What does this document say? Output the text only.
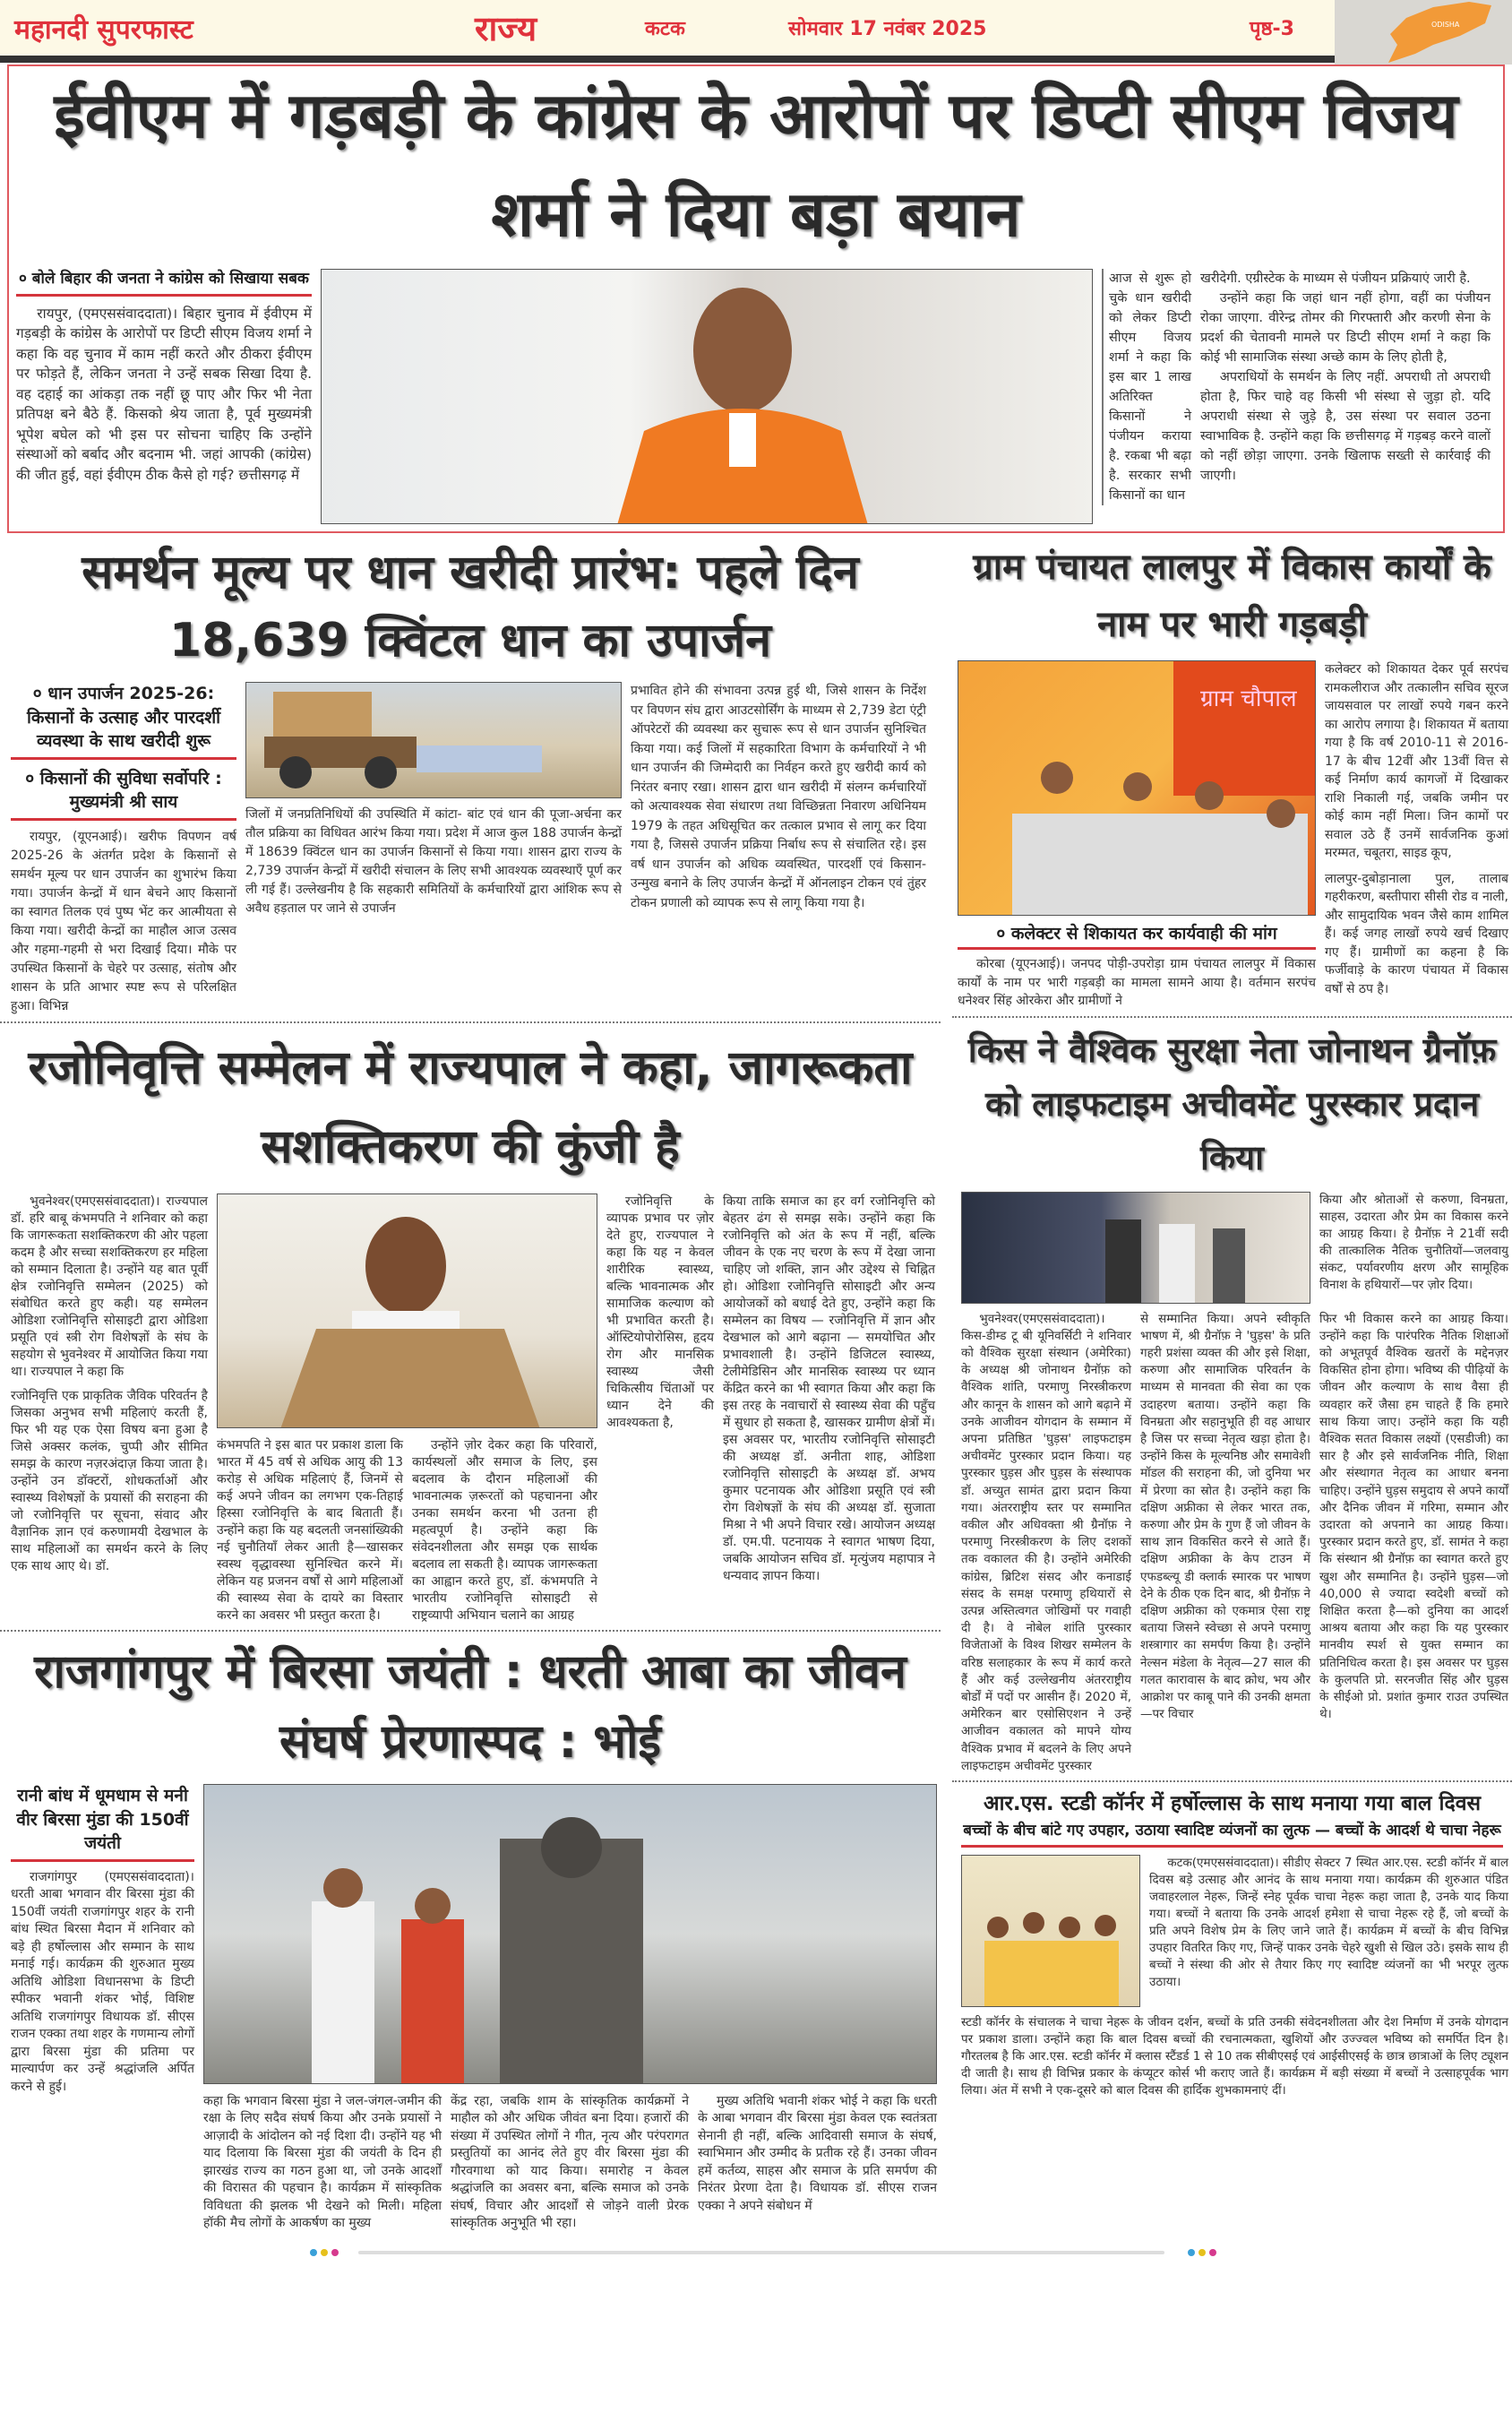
महानदी सुपरफास्ट	राज्य	कटक	सोमवार 17 नवंबर 2025	पृष्ठ-3	ODISHA
ईवीएम में गड़बड़ी के कांग्रेस के आरोपों पर डिप्टी सीएम विजय शर्मा ने दिया बड़ा बयान
० बोले बिहार की जनता ने कांग्रेस को सिखाया सबक

रायपुर, (एमएससंवाददाता)। बिहार चुनाव में ईवीएम में गड़बड़ी के कांग्रेस के आरोपों पर डिप्टी सीएम विजय शर्मा ने कहा कि वह चुनाव में काम नहीं करते और ठीकरा ईवीएम पर फोड़ते हैं, लेकिन जनता ने उन्हें सबक सिखा दिया है. वह दहाई का आंकड़ा तक नहीं छू पाए और फिर भी नेता प्रतिपक्ष बने बैठे हैं. किसको श्रेय जाता है, पूर्व मुख्यमंत्री भूपेश बघेल को भी इस पर सोचना चाहिए कि उन्होंने संस्थाओं को बर्बाद और बदनाम भी. जहां आपकी (कांग्रेस) की जीत हुई, वहां ईवीएम ठीक कैसे हो गई? छत्तीसगढ़ में

आज से शुरू हो चुके धान खरीदी को लेकर डिप्टी सीएम विजय शर्मा ने कहा कि इस बार 1 लाख अतिरिक्त किसानों ने पंजीयन कराया है. रकबा भी बढ़ा है. सरकार सभी किसानों का धान

खरीदेगी. एग्रीस्टेक के माध्यम से पंजीयन प्रक्रियाएं जारी है.

उन्होंने कहा कि जहां धान नहीं होगा, वहीं का पंजीयन रोका जाएगा. वीरेन्द्र तोमर की गिरफ्तारी और करणी सेना के प्रदर्श की चेतावनी मामले पर डिप्टी सीएम शर्मा ने कहा कि कोई भी सामाजिक संस्था अच्छे काम के लिए होती है,

अपराधियों के समर्थन के लिए नहीं. अपराधी तो अपराधी होता है, फिर चाहे वह किसी भी संस्था से जुड़ा हो. यदि अपराधी संस्था से जुड़े है, उस संस्था पर सवाल उठना स्वाभाविक है. उन्होंने कहा कि छत्तीसगढ़ में गड़बड़ करने वालों को नहीं छोड़ा जाएगा. उनके खिलाफ सख्ती से कार्रवाई की जाएगी।

समर्थन मूल्य पर धान खरीदी प्रारंभ: पहले दिन 18,639 क्विंटल धान का उपार्जन
० धान उपार्जन 2025-26: किसानों के उत्साह और पारदर्शी व्यवस्था के साथ खरीदी शुरू
० किसानों की सुविधा सर्वोपरि : मुख्यमंत्री श्री साय

रायपुर, (यूएनआई)। खरीफ विपणन वर्ष 2025-26 के अंतर्गत प्रदेश के किसानों से समर्थन मूल्य पर धान उपार्जन का शुभारंभ किया गया। उपार्जन केन्द्रों में धान बेचने आए किसानों का स्वागत तिलक एवं पुष्प भेंट कर आत्मीयता से किया गया। खरीदी केन्द्रों का माहौल आज उत्सव और गहमा-गहमी से भरा दिखाई दिया। मौके पर उपस्थित किसानों के चेहरे पर उत्साह, संतोष और शासन के प्रति आभार स्पष्ट रूप से परिलक्षित हुआ। विभिन्न

जिलों में जनप्रतिनिधियों की उपस्थिति में कांटा- बांट एवं धान की पूजा-अर्चना कर तौल प्रक्रिया का विधिवत आरंभ किया गया। प्रदेश में आज कुल 188 उपार्जन केन्द्रों में 18639 क्विंटल धान का उपार्जन किसानों से किया गया। शासन द्वारा राज्य के 2,739 उपार्जन केन्द्रों में खरीदी संचालन के लिए सभी आवश्यक व्यवस्थाएँ पूर्ण कर ली गई हैं। उल्लेखनीय है कि सहकारी समितियों के कर्मचारियों द्वारा आंशिक रूप से अवैध हड़ताल पर जाने से उपार्जन

प्रभावित होने की संभावना उत्पन्न हुई थी, जिसे शासन के निर्देश पर विपणन संघ द्वारा आउटसोर्सिंग के माध्यम से 2,739 डेटा एंट्री ऑपरेटरों की व्यवस्था कर सुचारू रूप से धान उपार्जन सुनिश्चित किया गया। कई जिलों में सहकारिता विभाग के कर्मचारियों ने भी धान उपार्जन की जिम्मेदारी का निर्वहन करते हुए खरीदी कार्य को निरंतर बनाए रखा। शासन द्वारा धान खरीदी में संलग्न कर्मचारियों को अत्यावश्यक सेवा संधारण तथा विच्छिन्नता निवारण अधिनियम 1979 के तहत अधिसूचित कर तत्काल प्रभाव से लागू कर दिया गया है, जिससे उपार्जन प्रक्रिया निर्बाध रूप से संचालित रहे। इस वर्ष धान उपार्जन को अधिक व्यवस्थित, पारदर्शी एवं किसान-उन्मुख बनाने के लिए उपार्जन केन्द्रों में ऑनलाइन टोकन एवं तुंहर टोकन प्रणाली को व्यापक रूप से लागू किया गया है।

रजोनिवृत्ति सम्मेलन में राज्यपाल ने कहा, जागरूकता सशक्तिकरण की कुंजी है

भुवनेश्वर(एमएससंवाददाता)। राज्यपाल डॉ. हरि बाबू कंभमपति ने शनिवार को कहा कि जागरूकता सशक्तिकरण की ओर पहला कदम है और सच्चा सशक्तिकरण हर महिला को सम्मान दिलाता है। उन्होंने यह बात पूर्वी क्षेत्र रजोनिवृत्ति सम्मेलन (2025) को संबोधित करते हुए कही। यह सम्मेलन ओडिशा रजोनिवृत्ति सोसाइटी द्वारा ओडिशा प्रसूति एवं स्त्री रोग विशेषज्ञों के संघ के सहयोग से भुवनेश्वर में आयोजित किया गया था। राज्यपाल ने कहा कि

रजोनिवृत्ति एक प्राकृतिक जैविक परिवर्तन है जिसका अनुभव सभी महिलाएं करती हैं, फिर भी यह एक ऐसा विषय बना हुआ है जिसे अक्सर कलंक, चुप्पी और सीमित समझ के कारण नज़रअंदाज़ किया जाता है। उन्होंने उन डॉक्टरों, शोधकर्ताओं और स्वास्थ्य विशेषज्ञों के प्रयासों की सराहना की जो रजोनिवृत्ति पर सूचना, संवाद और वैज्ञानिक ज्ञान एवं करुणामयी देखभाल के साथ महिलाओं का समर्थन करने के लिए एक साथ आए थे। डॉ.

कंभमपति ने इस बात पर प्रकाश डाला कि भारत में 45 वर्ष से अधिक आयु की 13 करोड़ से अधिक महिलाएं हैं, जिनमें से कई अपने जीवन का लगभग एक-तिहाई हिस्सा रजोनिवृत्ति के बाद बिताती हैं। उन्होंने कहा कि यह बदलती जनसांख्यिकी नई चुनौतियाँ लेकर आती है—खासकर स्वस्थ वृद्धावस्था सुनिश्चित करने में। लेकिन यह प्रजनन वर्षों से आगे महिलाओं की स्वास्थ्य सेवा के दायरे का विस्तार करने का अवसर भी प्रस्तुत करता है।

उन्होंने ज़ोर देकर कहा कि परिवारों, कार्यस्थलों और समाज के लिए, इस बदलाव के दौरान महिलाओं की भावनात्मक ज़रूरतों को पहचानना और उनका समर्थन करना भी उतना ही महत्वपूर्ण है। उन्होंने कहा कि संवेदनशीलता और समझ एक सार्थक बदलाव ला सकती है। व्यापक जागरूकता का आह्वान करते हुए, डॉ. कंभमपति ने भारतीय रजोनिवृत्ति सोसाइटी से राष्ट्रव्यापी अभियान चलाने का आग्रह

रजोनिवृत्ति के व्यापक प्रभाव पर ज़ोर देते हुए, राज्यपाल ने कहा कि यह न केवल शारीरिक स्वास्थ्य, बल्कि भावनात्मक और सामाजिक कल्याण को भी प्रभावित करती है। ऑस्टियोपोरोसिस, हृदय रोग और मानसिक स्वास्थ्य जैसी चिकित्सीय चिंताओं पर ध्यान देने की आवश्यकता है,

किया ताकि समाज का हर वर्ग रजोनिवृत्ति को बेहतर ढंग से समझ सके। उन्होंने कहा कि रजोनिवृत्ति को अंत के रूप में नहीं, बल्कि जीवन के एक नए चरण के रूप में देखा जाना चाहिए जो शक्ति, ज्ञान और उद्देश्य से चिह्नित हो। ओडिशा रजोनिवृत्ति सोसाइटी और अन्य आयोजकों को बधाई देते हुए, उन्होंने कहा कि सम्मेलन का विषय — रजोनिवृत्ति में ज्ञान और देखभाल को आगे बढ़ाना — समयोचित और प्रभावशाली है। उन्होंने डिजिटल स्वास्थ्य, टेलीमेडिसिन और मानसिक स्वास्थ्य पर ध्यान केंद्रित करने का भी स्वागत किया और कहा कि इस तरह के नवाचारों से स्वास्थ्य सेवा की पहुँच में सुधार हो सकता है, खासकर ग्रामीण क्षेत्रों में। इस अवसर पर, भारतीय रजोनिवृत्ति सोसाइटी की अध्यक्ष डॉ. अनीता शाह, ओडिशा रजोनिवृत्ति सोसाइटी के अध्यक्ष डॉ. अभय कुमार पटनायक और ओडिशा प्रसूति एवं स्त्री रोग विशेषज्ञों के संघ की अध्यक्ष डॉ. सुजाता मिश्रा ने भी अपने विचार रखे। आयोजन अध्यक्ष डॉ. एम.पी. पटनायक ने स्वागत भाषण दिया, जबकि आयोजन सचिव डॉ. मृत्युंजय महापात्र ने धन्यवाद ज्ञापन किया।

राजगांगपुर में बिरसा जयंती : धरती आबा का जीवन संघर्ष प्रेरणास्पद : भोई
रानी बांध में धूमधाम से मनी वीर बिरसा मुंडा की 150वीं जयंती

राजगांगपुर (एमएससंवाददाता)। धरती आबा भगवान वीर बिरसा मुंडा की 150वीं जयंती राजगांगपुर शहर के रानी बांध स्थित बिरसा मैदान में शनिवार को बड़े ही हर्षोल्लास और सम्मान के साथ मनाई गई। कार्यक्रम की शुरुआत मुख्य अतिथि ओडिशा विधानसभा के डिप्टी स्पीकर भवानी शंकर भोई, विशिष्ट अतिथि राजगांगपुर विधायक डॉ. सीएस राजन एक्का तथा शहर के गणमान्य लोगों द्वारा बिरसा मुंडा की प्रतिमा पर माल्यार्पण कर उन्हें श्रद्धांजलि अर्पित करने से हुई।

कहा कि भगवान बिरसा मुंडा ने जल-जंगल-जमीन की रक्षा के लिए सदैव संघर्ष किया और उनके प्रयासों ने आज़ादी के आंदोलन को नई दिशा दी। उन्होंने यह भी याद दिलाया कि बिरसा मुंडा की जयंती के दिन ही झारखंड राज्य का गठन हुआ था, जो उनके आदर्शों की विरासत की पहचान है। कार्यक्रम में सांस्कृतिक विविधता की झलक भी देखने को मिली। महिला हॉकी मैच लोगों के आकर्षण का मुख्य

केंद्र रहा, जबकि शाम के सांस्कृतिक कार्यक्रमों ने माहौल को और अधिक जीवंत बना दिया। हजारों की संख्या में उपस्थित लोगों ने गीत, नृत्य और परंपरागत प्रस्तुतियों का आनंद लेते हुए वीर बिरसा मुंडा की गौरवगाथा को याद किया। समारोह न केवल श्रद्धांजलि का अवसर बना, बल्कि समाज को उनके संघर्ष, विचार और आदर्शों से जोड़ने वाली प्रेरक सांस्कृतिक अनुभूति भी रहा।

मुख्य अतिथि भवानी शंकर भोई ने कहा कि धरती के आबा भगवान वीर बिरसा मुंडा केवल एक स्वतंत्रता सेनानी ही नहीं, बल्कि आदिवासी समाज के संघर्ष, स्वाभिमान और उम्मीद के प्रतीक रहे हैं। उनका जीवन हमें कर्तव्य, साहस और समाज के प्रति समर्पण की निरंतर प्रेरणा देता है। विधायक डॉ. सीएस राजन एक्का ने अपने संबोधन में

ग्राम पंचायत लालपुर में विकास कार्यों के नाम पर भारी गड़बड़ी
ग्राम चौपाल
० कलेक्टर से शिकायत कर कार्यवाही की मांग

कोरबा (यूएनआई)। जनपद पोड़ी-उपरोड़ा ग्राम पंचायत लालपुर में विकास कार्यों के नाम पर भारी गड़बड़ी का मामला सामने आया है। वर्तमान सरपंच धनेश्वर सिंह ओरकेरा और ग्रामीणों ने

कलेक्टर को शिकायत देकर पूर्व सरपंच रामकलीराज और तत्कालीन सचिव सूरज जायसवाल पर लाखों रुपये गबन करने का आरोप लगाया है। शिकायत में बताया गया है कि वर्ष 2010-11 से 2016-17 के बीच 12वीं और 13वीं वित्त से कई निर्माण कार्य कागजों में दिखाकर राशि निकाली गई, जबकि जमीन पर कोई काम नहीं मिला। जिन कामों पर सवाल उठे हैं उनमें सार्वजनिक कुआं मरम्मत, चबूतरा, साइड कूप,

लालपुर-दुबोड़ानाला पुल, तालाब गहरीकरण, बस्तीपारा सीसी रोड व नाली, और सामुदायिक भवन जैसे काम शामिल हैं। कई जगह लाखों रुपये खर्च दिखाए गए हैं। ग्रामीणों का कहना है कि फर्जीवाड़े के कारण पंचायत में विकास वर्षों से ठप है।

किस ने वैश्विक सुरक्षा नेता जोनाथन ग्रैनॉफ़ को लाइफटाइम अचीवमेंट पुरस्कार प्रदान किया

किया और श्रोताओं से करुणा, विनम्रता, साहस, उदारता और प्रेम का विकास करने का आग्रह किया। हे ग्रैनॉफ़ ने 21वीं सदी की तात्कालिक नैतिक चुनौतियों—जलवायु संकट, पर्यावरणीय क्षरण और सामूहिक विनाश के हथियारों—पर ज़ोर दिया।

भुवनेश्वर(एमएससंवाददाता)। किस-डीम्ड टू बी यूनिवर्सिटी ने शनिवार को वैश्विक सुरक्षा संस्थान (अमेरिका) के अध्यक्ष श्री जोनाथन ग्रैनॉफ़ को वैश्विक शांति, परमाणु निरस्त्रीकरण और कानून के शासन को आगे बढ़ाने में उनके आजीवन योगदान के सम्मान में अपना प्रतिष्ठित 'घुड़स' लाइफटाइम अचीवमेंट पुरस्कार प्रदान किया। यह पुरस्कार घुड़स और घुड़स के संस्थापक डॉ. अच्युत सामंत द्वारा प्रदान किया गया। अंतरराष्ट्रीय स्तर पर सम्मानित वकील और अधिवक्ता श्री ग्रैनॉफ़ ने परमाणु निरस्त्रीकरण के लिए दशकों तक वकालत की है। उन्होंने अमेरिकी कांग्रेस, ब्रिटिश संसद और कनाडाई संसद के समक्ष परमाणु हथियारों से उत्पन्न अस्तित्वगत जोखिमों पर गवाही दी है। वे नोबेल शांति पुरस्कार विजेताओं के विश्व शिखर सम्मेलन के वरिष्ठ सलाहकार के रूप में कार्य करते हैं और कई उल्लेखनीय अंतरराष्ट्रीय बोर्डों में पदों पर आसीन हैं। 2020 में, अमेरिकन बार एसोसिएशन ने उन्हें आजीवन वकालत को मापने योग्य वैश्विक प्रभाव में बदलने के लिए अपने लाइफटाइम अचीवमेंट पुरस्कार

से सम्मानित किया। अपने स्वीकृति भाषण में, श्री ग्रैनॉफ़ ने 'घुड़स' के प्रति गहरी प्रशंसा व्यक्त की और इसे शिक्षा, करुणा और सामाजिक परिवर्तन के माध्यम से मानवता की सेवा का एक उदाहरण बताया। उन्होंने कहा कि विनम्रता और सहानुभूति ही वह आधार है जिस पर सच्चा नेतृत्व खड़ा होता है। उन्होंने किस के मूल्यनिष्ठ और समावेशी मॉडल की सराहना की, जो दुनिया भर में प्रेरणा का स्रोत है। उन्होंने कहा कि दक्षिण अफ्रीका से लेकर भारत तक, करुणा और प्रेम के गुण हैं जो जीवन के साथ ज्ञान विकसित करने से आते हैं। दक्षिण अफ्रीका के केप टाउन में एफडब्ल्यू डी क्लार्क स्मारक पर भाषण देने के ठीक एक दिन बाद, श्री ग्रैनॉफ़ ने दक्षिण अफ्रीका को एकमात्र ऐसा राष्ट्र बताया जिसने स्वेच्छा से अपने परमाणु शस्त्रागार का समर्पण किया है। उन्होंने नेल्सन मंडेला के नेतृत्व—27 साल की गलत कारावास के बाद क्रोध, भय और आक्रोश पर काबू पाने की उनकी क्षमता—पर विचार

फिर भी विकास करने का आग्रह किया। उन्होंने कहा कि पारंपरिक नैतिक शिक्षाओं को अभूतपूर्व वैश्विक खतरों के मद्देनज़र विकसित होना होगा। भविष्य की पीढ़ियों के जीवन और कल्याण के साथ वैसा ही व्यवहार करें जैसा हम चाहते हैं कि हमारे साथ किया जाए। उन्होंने कहा कि यही वैश्विक सतत विकास लक्ष्यों (एसडीजी) का सार है और इसे सार्वजनिक नीति, शिक्षा और संस्थागत नेतृत्व का आधार बनना चाहिए। उन्होंने घुड़स समुदाय से अपने कार्यों और दैनिक जीवन में गरिमा, सम्मान और उदारता को अपनाने का आग्रह किया। पुरस्कार प्रदान करते हुए, डॉ. सामंत ने कहा कि संस्थान श्री ग्रैनॉफ़ का स्वागत करते हुए खुश और सम्मानित है। उन्होंने घुड़स—जो 40,000 से ज्यादा स्वदेशी बच्चों को शिक्षित करता है—को दुनिया का आदर्श आश्रय बताया और कहा कि यह पुरस्कार मानवीय स्पर्श से युक्त सम्मान का प्रतिनिधित्व करता है। इस अवसर पर घुड़स के कुलपति प्रो. सरनजीत सिंह और घुड़स के सीईओ प्रो. प्रशांत कुमार राउत उपस्थित थे।

आर.एस. स्टडी कॉर्नर में हर्षोल्लास के साथ मनाया गया बाल दिवस
बच्चों के बीच बांटे गए उपहार, उठाया स्वादिष्ट व्यंजनों का लुत्फ — बच्चों के आदर्श थे चाचा नेहरू

कटक(एमएससंवाददाता)। सीडीए सेक्टर 7 स्थित आर.एस. स्टडी कॉर्नर में बाल दिवस बड़े उत्साह और आनंद के साथ मनाया गया। कार्यक्रम की शुरुआत पंडित जवाहरलाल नेहरू, जिन्हें स्नेह पूर्वक चाचा नेहरू कहा जाता है, उनके याद किया गया। बच्चों ने बताया कि उनके आदर्श हमेशा से चाचा नेहरू रहे हैं, जो बच्चों के प्रति अपने विशेष प्रेम के लिए जाने जाते हैं। कार्यक्रम में बच्चों के बीच विभिन्न उपहार वितरित किए गए, जिन्हें पाकर उनके चेहरे खुशी से खिल उठे। इसके साथ ही बच्चों ने संस्था की ओर से तैयार किए गए स्वादिष्ट व्यंजनों का भी भरपूर लुत्फ उठाया।

स्टडी कॉर्नर के संचालक ने चाचा नेहरू के जीवन दर्शन, बच्चों के प्रति उनकी संवेदनशीलता और देश निर्माण में उनके योगदान पर प्रकाश डाला। उन्होंने कहा कि बाल दिवस बच्चों की रचनात्मकता, खुशियों और उज्ज्वल भविष्य को समर्पित दिन है। गौरतलब है कि आर.एस. स्टडी कॉर्नर में क्लास स्टैंडर्ड 1 से 10 तक सीबीएसई एवं आईसीएसई के छात्र छात्राओं के लिए ट्यूशन दी जाती है। साथ ही विभिन्न प्रकार के कंप्यूटर कोर्स भी कराए जाते हैं। कार्यक्रम में बड़ी संख्या में बच्चों ने उत्साहपूर्वक भाग लिया। अंत में सभी ने एक-दूसरे को बाल दिवस की हार्दिक शुभकामनाएं दीं।
